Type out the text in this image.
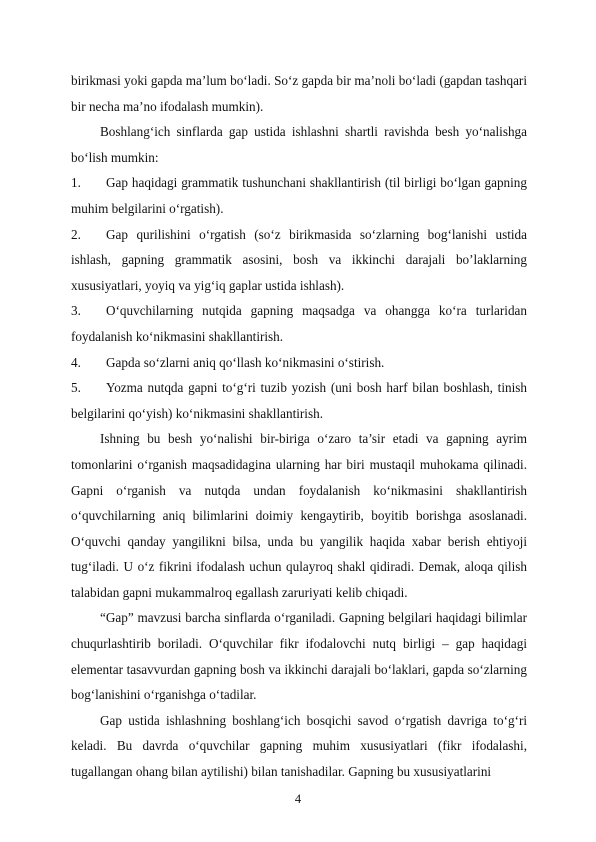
birikmasi yoki gapda ma’lum bo‘ladi. So‘z gapda bir ma’noli bo‘ladi (gapdan tashqari bir necha ma’no ifodalash mumkin).

Boshlang‘ich sinflarda gap ustida ishlashni shartli ravishda besh yo‘nalishga bo‘lish mumkin:

1. Gap haqidagi grammatik tushunchani shakllantirish (til birligi bo‘lgan gapning muhim belgilarini o‘rgatish).

2. Gap qurilishini o‘rgatish (so‘z birikmasida so‘zlarning bog‘lanishi ustida ishlash, gapning grammatik asosini, bosh va ikkinchi darajali bo’laklarning xususiyatlari, yoyiq va yig‘iq gaplar ustida ishlash).

3. O‘quvchilarning nutqida gapning maqsadga va ohangga ko‘ra turlaridan foydalanish ko‘nikmasini shakllantirish.

4. Gapda so‘zlarni aniq qo‘llash ko‘nikmasini o‘stirish.

5. Yozma nutqda gapni to‘g‘ri tuzib yozish (uni bosh harf bilan boshlash, tinish belgilarini qo‘yish) ko‘nikmasini shakllantirish.

Ishning bu besh yo‘nalishi bir-biriga o‘zaro ta’sir etadi va gapning ayrim tomonlarini o‘rganish maqsadidagina ularning har biri mustaqil muhokama qilinadi. Gapni o‘rganish va nutqda undan foydalanish ko‘nikmasini shakllantirish o‘quvchilarning aniq bilimlarini doimiy kengaytirib, boyitib borishga asoslanadi. O‘quvchi qanday yangilikni bilsa, unda bu yangilik haqida xabar berish ehtiyoji tug‘iladi. U o‘z fikrini ifodalash uchun qulayroq shakl qidiradi. Demak, aloqa qilish talabidan gapni mukammalroq egallash zaruriyati kelib chiqadi.

“Gap” mavzusi barcha sinflarda o‘rganiladi. Gapning belgilari haqidagi bilimlar chuqurlashtirib boriladi. O‘quvchilar fikr ifodalovchi nutq birligi – gap haqidagi elementar tasavvurdan gapning bosh va ikkinchi darajali bo‘laklari, gapda so‘zlarning bog‘lanishini o‘rganishga o‘tadilar.

Gap ustida ishlashning boshlang‘ich bosqichi savod o‘rgatish davriga to‘g‘ri keladi. Bu davrda o‘quvchilar gapning muhim xususiyatlari (fikr ifodalashi, tugallangan ohang bilan aytilishi) bilan tanishadilar. Gapning bu xususiyatlarini

4
